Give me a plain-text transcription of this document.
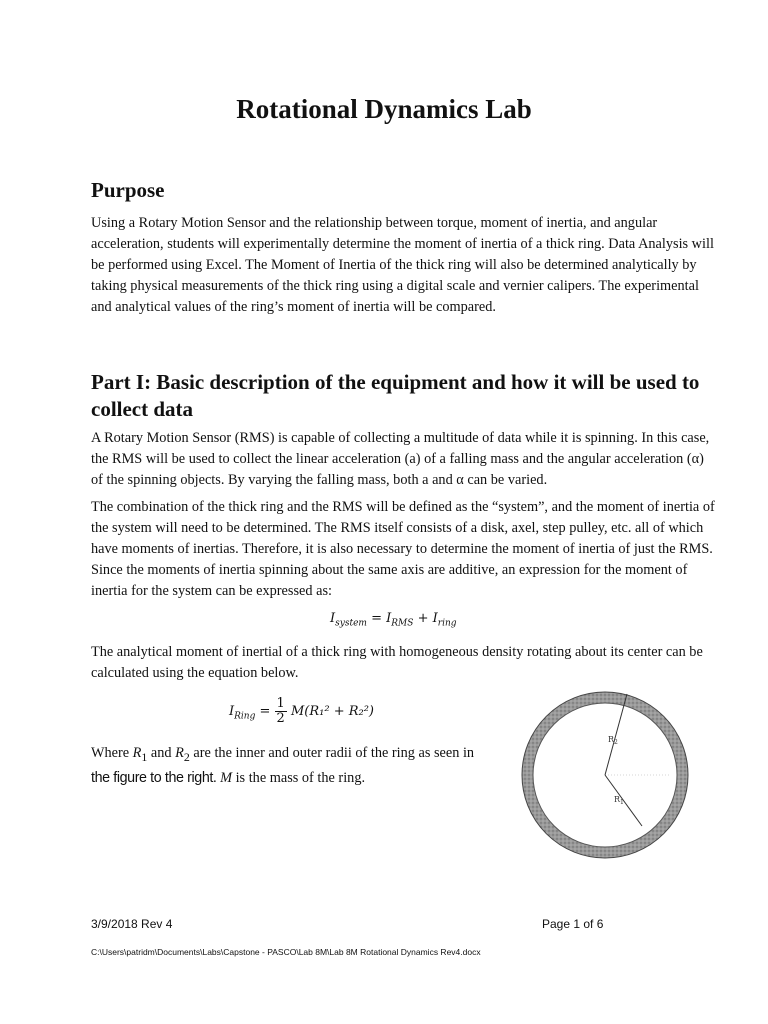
Rotational Dynamics Lab
Purpose

Using a Rotary Motion Sensor and the relationship between torque, moment of inertia, and angular acceleration, students will experimentally determine the moment of inertia of a thick ring. Data Analysis will be performed using Excel. The Moment of Inertia of the thick ring will also be determined analytically by taking physical measurements of the thick ring using a digital scale and vernier calipers. The experimental and analytical values of the ring’s moment of inertia will be compared.

Part I: Basic description of the equipment and how it will be used to collect data

A Rotary Motion Sensor (RMS) is capable of collecting a multitude of data while it is spinning. In this case, the RMS will be used to collect the linear acceleration (a) of a falling mass and the angular acceleration (α) of the spinning objects. By varying the falling mass, both a and α can be varied.

The combination of the thick ring and the RMS will be defined as the “system”, and the moment of inertia of the system will need to be determined. The RMS itself consists of a disk, axel, step pulley, etc. all of which have moments of inertias. Therefore, it is also necessary to determine the moment of inertia of just the RMS. Since the moments of inertia spinning about the same axis are additive, an expression for the moment of inertia for the system can be expressed as:

$I_{system} = I_{RMS} + I_{ring}$

The analytical moment of inertial of a thick ring with homogeneous density rotating about its center can be calculated using the equation below.

$I_{Ring} = \frac{1}{2} M(R_1^2 + R_2^2)$

Where $R_1$ and $R_2$ are the inner and outer radii of the ring as seen in
the figure to the right. M is the mass of the ring.

$R_2$
$R_1$
3/9/2018 Rev 4	Page 1 of 6
C:\Users\patridm\Documents\Labs\Capstone - PASCO\Lab 8M\Lab 8M Rotational Dynamics Rev4.docx
